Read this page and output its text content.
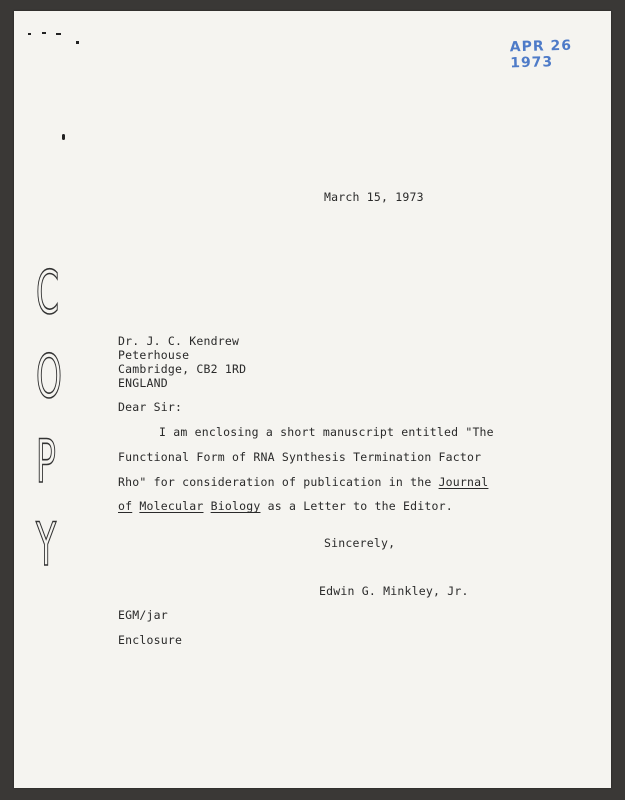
APR 26 1973
C
O
P
Y
March 15, 1973
Dr. J. C. Kendrew
Peterhouse
Cambridge, CB2 1RD
ENGLAND
Dear Sir:
I am enclosing a short manuscript entitled "The
Functional Form of RNA Synthesis Termination Factor
Rho" for consideration of publication in the Journal
of Molecular Biology as a Letter to the Editor.
Sincerely,
Edwin G. Minkley, Jr.
EGM/jar
Enclosure
